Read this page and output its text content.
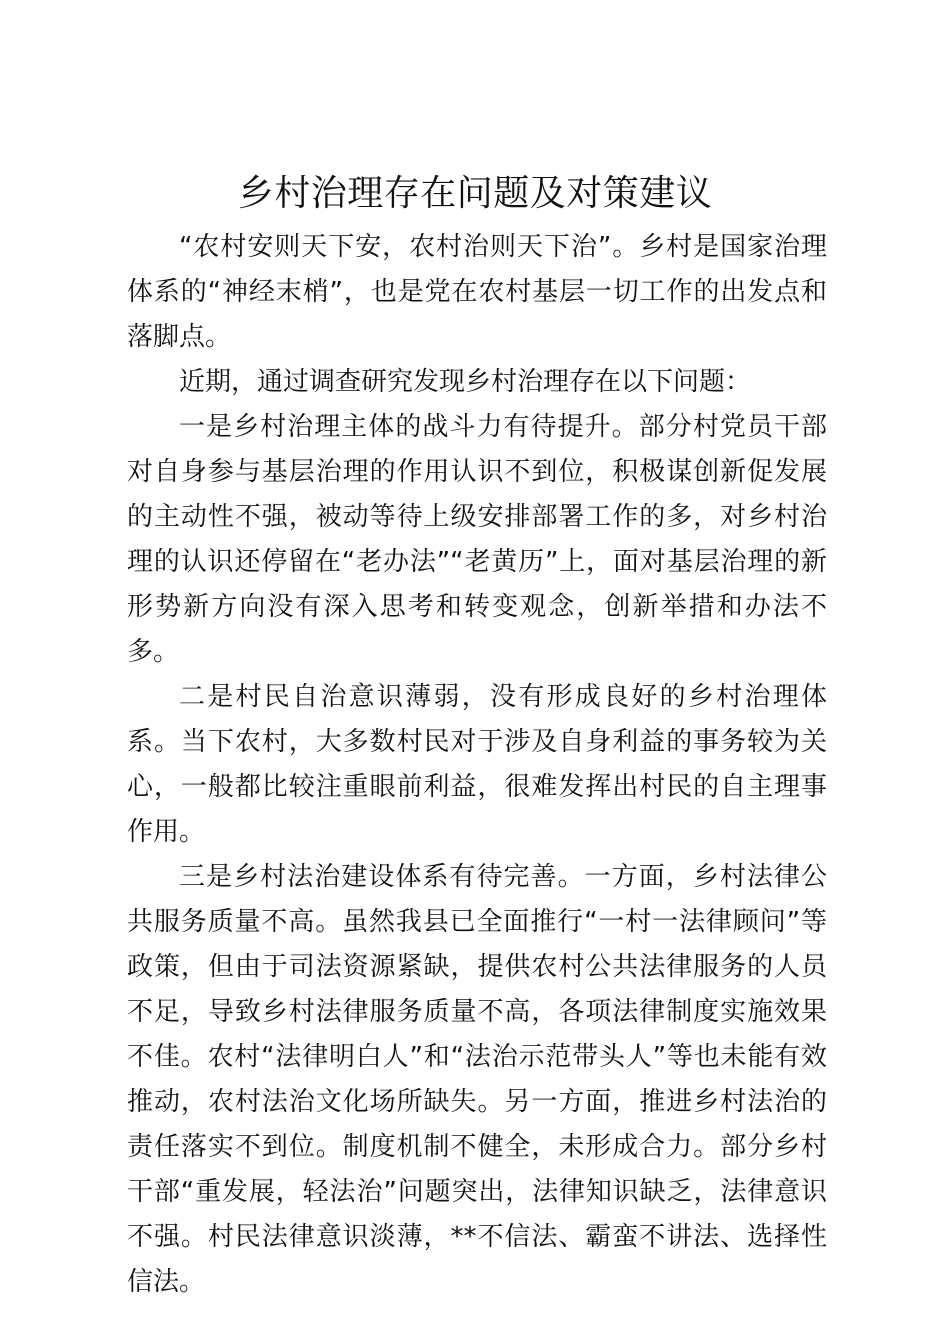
乡村治理存在问题及对策建议

“农村安则天下安，农村治则天下治”。乡村是国家治理体系的“神经末梢”，也是党在农村基层一切工作的出发点和落脚点。

近期，通过调查研究发现乡村治理存在以下问题：

一是乡村治理主体的战斗力有待提升。部分村党员干部对自身参与基层治理的作用认识不到位，积极谋创新促发展的主动性不强，被动等待上级安排部署工作的多，对乡村治理的认识还停留在“老办法”“老黄历”上，面对基层治理的新形势新方向没有深入思考和转变观念，创新举措和办法不多。

二是村民自治意识薄弱，没有形成良好的乡村治理体系。当下农村，大多数村民对于涉及自身利益的事务较为关心，一般都比较注重眼前利益，很难发挥出村民的自主理事作用。

三是乡村法治建设体系有待完善。一方面，乡村法律公共服务质量不高。虽然我县已全面推行“一村一法律顾问”等政策，但由于司法资源紧缺，提供农村公共法律服务的人员不足，导致乡村法律服务质量不高，各项法律制度实施效果不佳。农村“法律明白人”和“法治示范带头人”等也未能有效推动，农村法治文化场所缺失。另一方面，推进乡村法治的责任落实不到位。制度机制不健全，未形成合力。部分乡村干部“重发展，轻法治”问题突出，法律知识缺乏，法律意识不强。村民法律意识淡薄，**不信法、霸蛮不讲法、选择性信法。
